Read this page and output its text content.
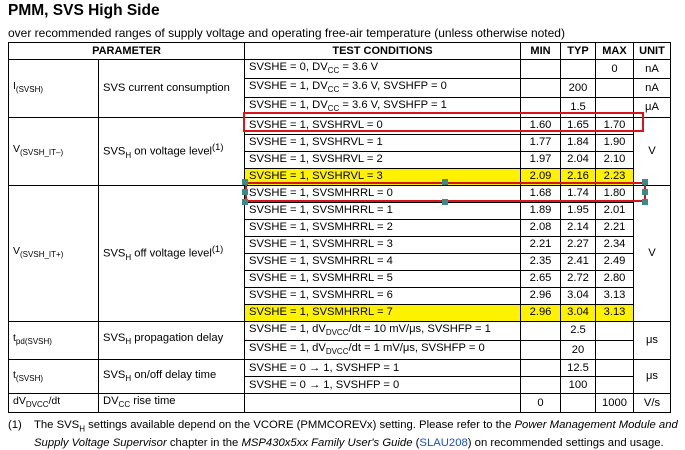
PMM, SVS High Side
over recommended ranges of supply voltage and operating free-air temperature (unless otherwise noted)
PARAMETER		TEST CONDITIONS	MIN	TYP	MAX	UNIT
$I_{(SVSH)}$	SVS current consumption	SVSHE = 0, $DV_{CC} = 3.6$ V			0	nA
		SVSHE = 1, $DV_{CC} = 3.6$ V, SVSHFP = 0		200		nA
		SVSHE = 1, $DV_{CC} = 3.6$ V, SVSHFP = 1		1.5		μA
$V_{(SVSH\_IT-)}$	$SVS_H$ on voltage level$^{(1)}$	SVSHE = 1, SVSHRVL = 0	1.60	1.65	1.70	V
		SVSHE = 1, SVSHRVL = 1	1.77	1.84	1.90	
		SVSHE = 1, SVSHRVL = 2	1.97	2.04	2.10	
		SVSHE = 1, SVSHRVL = 3	2.09	2.16	2.23	
$V_{(SVSH\_IT+)}$	$SVS_H$ off voltage level$^{(1)}$	SVSHE = 1, SVSMHRRL = 0	1.68	1.74	1.80	V
		SVSHE = 1, SVSMHRRL = 1	1.89	1.95	2.01	
		SVSHE = 1, SVSMHRRL = 2	2.08	2.14	2.21	
		SVSHE = 1, SVSMHRRL = 3	2.21	2.27	2.34	
		SVSHE = 1, SVSMHRRL = 4	2.35	2.41	2.49	
		SVSHE = 1, SVSMHRRL = 5	2.65	2.72	2.80	
		SVSHE = 1, SVSMHRRL = 6	2.96	3.04	3.13	
		SVSHE = 1, SVSMHRRL = 7	2.96	3.04	3.13	
$t_{pd(SVSH)}$	$SVS_H$ propagation delay	SVSHE = 1, $dV_{DVCC}/dt = 10$ mV/μs, SVSHFP = 1		2.5		μs
		SVSHE = 1, $dV_{DVCC}/dt = 1$ mV/μs, SVSHFP = 0		20		
$t_{(SVSH)}$	$SVS_H$ on/off delay time	SVSHE = 0 → 1, SVSHFP = 1		12.5		μs
		SVSHE = 0 → 1, SVSHFP = 0		100		
$dV_{DVCC}/dt$	$DV_{CC}$ rise time		0		1000	V/s
(1) The $SVS_H$ settings available depend on the VCORE (PMMCOREVx) setting. Please refer to the Power Management Module and Supply Voltage Supervisor chapter in the MSP430x5xx Family User's Guide (SLAU208) on recommended settings and usage.
